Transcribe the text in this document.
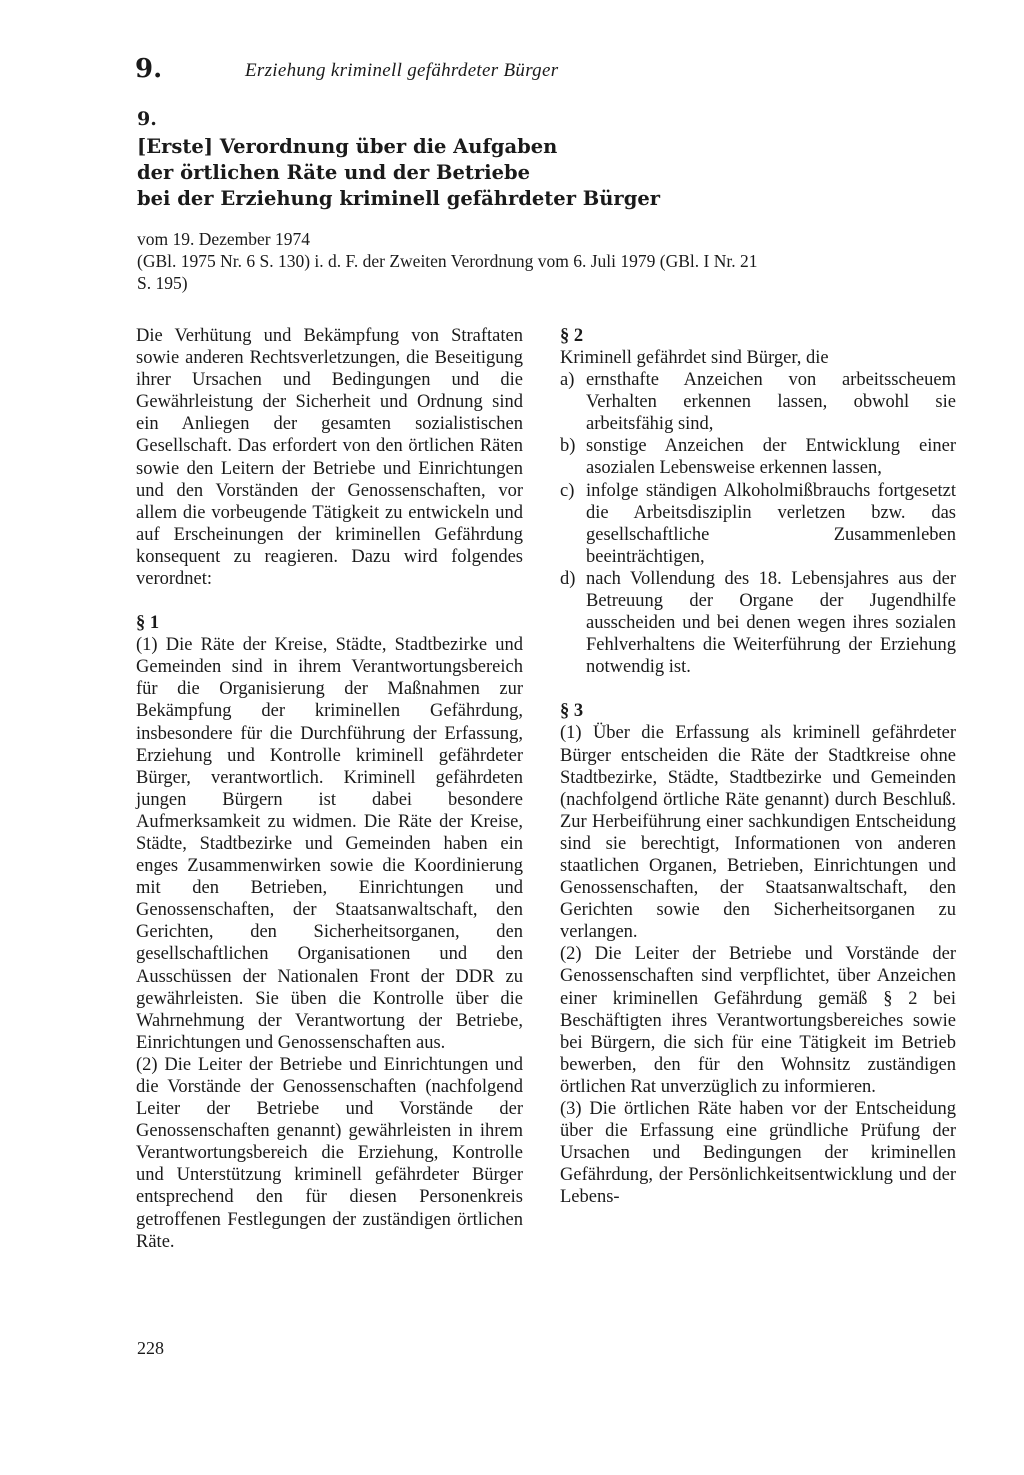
9.	Erziehung kriminell gefährdeter Bürger
9.
[Erste] Verordnung über die Aufgaben
der örtlichen Räte und der Betriebe
bei der Erziehung kriminell gefährdeter Bürger
vom 19. Dezember 1974
(GBl. 1975 Nr. 6 S. 130) i. d. F. der Zweiten Verordnung vom 6. Juli 1979 (GBl. I Nr. 21
S. 195)

Die Verhütung und Bekämpfung von Straftaten sowie anderen Rechtsverletzungen, die Beseitigung ihrer Ursachen und Bedingungen und die Gewährleistung der Sicherheit und Ordnung sind ein Anliegen der gesamten sozialistischen Gesellschaft. Das erfordert von den örtlichen Räten sowie den Leitern der Betriebe und Einrichtungen und den Vorständen der Genossenschaften, vor allem die vorbeugende Tätigkeit zu entwickeln und auf Erscheinungen der kriminellen Gefährdung konsequent zu reagieren. Dazu wird folgendes verordnet:

§ 1

(1) Die Räte der Kreise, Städte, Stadtbezirke und Gemeinden sind in ihrem Verantwortungsbereich für die Organisierung der Maßnahmen zur Bekämpfung der kriminellen Gefährdung, insbesondere für die Durchführung der Erfassung, Erziehung und Kontrolle kriminell gefährdeter Bürger, verantwortlich. Kriminell gefährdeten jungen Bürgern ist dabei besondere Aufmerksamkeit zu widmen. Die Räte der Kreise, Städte, Stadtbezirke und Gemeinden haben ein enges Zusammenwirken sowie die Koordinierung mit den Betrieben, Einrichtungen und Genossenschaften, der Staatsanwaltschaft, den Gerichten, den Sicherheitsorganen, den gesellschaftlichen Organisationen und den Ausschüssen der Nationalen Front der DDR zu gewährleisten. Sie üben die Kontrolle über die Wahrnehmung der Verantwortung der Betriebe, Einrichtungen und Genossenschaften aus.

(2) Die Leiter der Betriebe und Einrichtungen und die Vorstände der Genossenschaften (nachfolgend Leiter der Betriebe und Vorstände der Genossenschaften genannt) gewährleisten in ihrem Verantwortungsbereich die Erziehung, Kontrolle und Unterstützung kriminell gefährdeter Bürger entsprechend den für diesen Personenkreis getroffenen Festlegungen der zuständigen örtlichen Räte.

§ 2

Kriminell gefährdet sind Bürger, die

a) ernsthafte Anzeichen von arbeitsscheuem Verhalten erkennen lassen, obwohl sie arbeitsfähig sind,
b) sonstige Anzeichen der Entwicklung einer asozialen Lebensweise erkennen lassen,
c) infolge ständigen Alkoholmißbrauchs fortgesetzt die Arbeitsdisziplin verletzen bzw. das gesellschaftliche Zusammenleben beeinträchtigen,
d) nach Vollendung des 18. Lebensjahres aus der Betreuung der Organe der Jugendhilfe ausscheiden und bei denen wegen ihres sozialen Fehlverhaltens die Weiterführung der Erziehung notwendig ist.

§ 3

(1) Über die Erfassung als kriminell gefährdeter Bürger entscheiden die Räte der Stadtkreise ohne Stadtbezirke, Städte, Stadtbezirke und Gemeinden (nachfolgend örtliche Räte genannt) durch Beschluß. Zur Herbeiführung einer sachkundigen Entscheidung sind sie berechtigt, Informationen von anderen staatlichen Organen, Betrieben, Einrichtungen und Genossenschaften, der Staatsanwaltschaft, den Gerichten sowie den Sicherheitsorganen zu verlangen.

(2) Die Leiter der Betriebe und Vorstände der Genossenschaften sind verpflichtet, über Anzeichen einer kriminellen Gefährdung gemäß § 2 bei Beschäftigten ihres Verantwortungsbereiches sowie bei Bürgern, die sich für eine Tätigkeit im Betrieb bewerben, den für den Wohnsitz zuständigen örtlichen Rat unverzüglich zu informieren.

(3) Die örtlichen Räte haben vor der Entscheidung über die Erfassung eine gründliche Prüfung der Ursachen und Bedingungen der kriminellen Gefährdung, der Persönlichkeitsentwicklung und der Lebens-

228
